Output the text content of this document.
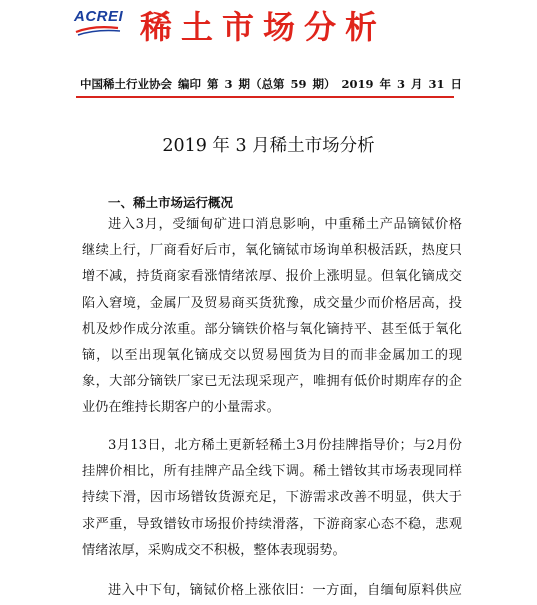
ACREI 稀土市场分析
中国稀土行业协会 编印 第 3 期（总第 59 期） 2019 年 3 月 31 日
2019 年 3 月稀土市场分析
一、稀土市场运行概况
进入3月，受缅甸矿进口消息影响，中重稀土产品镝铽价格
继续上行，厂商看好后市，氧化镝铽市场询单积极活跃，热度只
增不减，持货商家看涨情绪浓厚、报价上涨明显。但氧化镝成交
陷入窘境，金属厂及贸易商买货犹豫，成交量少而价格居高，投
机及炒作成分浓重。部分镝铁价格与氧化镝持平、甚至低于氧化
镝，以至出现氧化镝成交以贸易囤货为目的而非金属加工的现
象，大部分镝铁厂家已无法现采现产，唯拥有低价时期库存的企
业仍在维持长期客户的小量需求。
3月13日，北方稀土更新轻稀土3月份挂牌指导价；与2月份
挂牌价相比，所有挂牌产品全线下调。稀土镨钕其市场表现同样
持续下滑，因市场镨钕货源充足，下游需求改善不明显，供大于
求严重，导致镨钕市场报价持续滑落，下游商家心态不稳，悲观
情绪浓厚，采购成交不积极，整体表现弱势。
进入中下旬，镝铽价格上涨依旧：一方面，自缅甸原料供应
